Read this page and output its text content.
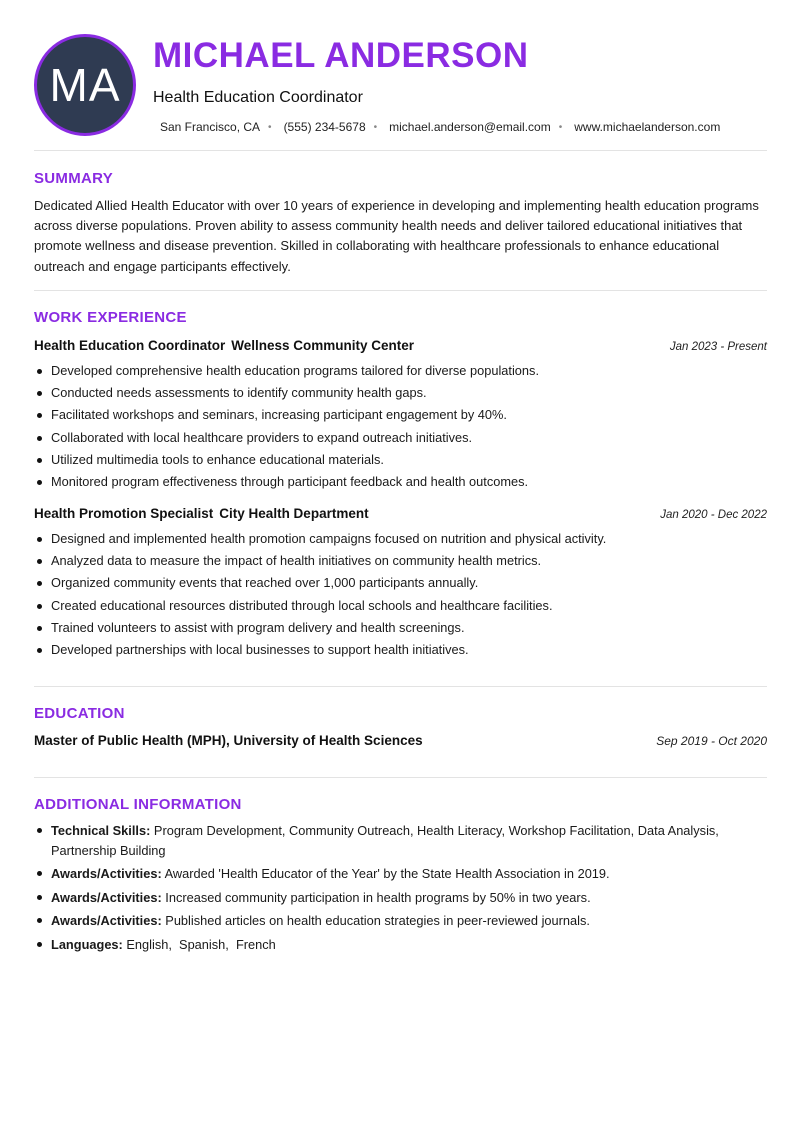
MA
MICHAEL ANDERSON
Health Education Coordinator
San Francisco, CA • (555) 234-5678 • michael.anderson@email.com • www.michaelanderson.com
SUMMARY
Dedicated Allied Health Educator with over 10 years of experience in developing and implementing health education programs across diverse populations. Proven ability to assess community health needs and deliver tailored educational initiatives that promote wellness and disease prevention. Skilled in collaborating with healthcare professionals to enhance educational outreach and engage participants effectively.
WORK EXPERIENCE
Health Education Coordinator Wellness Community Center	Jan 2023 - Present
Developed comprehensive health education programs tailored for diverse populations.
Conducted needs assessments to identify community health gaps.
Facilitated workshops and seminars, increasing participant engagement by 40%.
Collaborated with local healthcare providers to expand outreach initiatives.
Utilized multimedia tools to enhance educational materials.
Monitored program effectiveness through participant feedback and health outcomes.
Health Promotion Specialist City Health Department	Jan 2020 - Dec 2022
Designed and implemented health promotion campaigns focused on nutrition and physical activity.
Analyzed data to measure the impact of health initiatives on community health metrics.
Organized community events that reached over 1,000 participants annually.
Created educational resources distributed through local schools and healthcare facilities.
Trained volunteers to assist with program delivery and health screenings.
Developed partnerships with local businesses to support health initiatives.
EDUCATION
Master of Public Health (MPH), University of Health Sciences	Sep 2019 - Oct 2020
ADDITIONAL INFORMATION
Technical Skills: Program Development, Community Outreach, Health Literacy, Workshop Facilitation, Data Analysis, Partnership Building
Awards/Activities: Awarded 'Health Educator of the Year' by the State Health Association in 2019.
Awards/Activities: Increased community participation in health programs by 50% in two years.
Awards/Activities: Published articles on health education strategies in peer-reviewed journals.
Languages: English,  Spanish,  French
